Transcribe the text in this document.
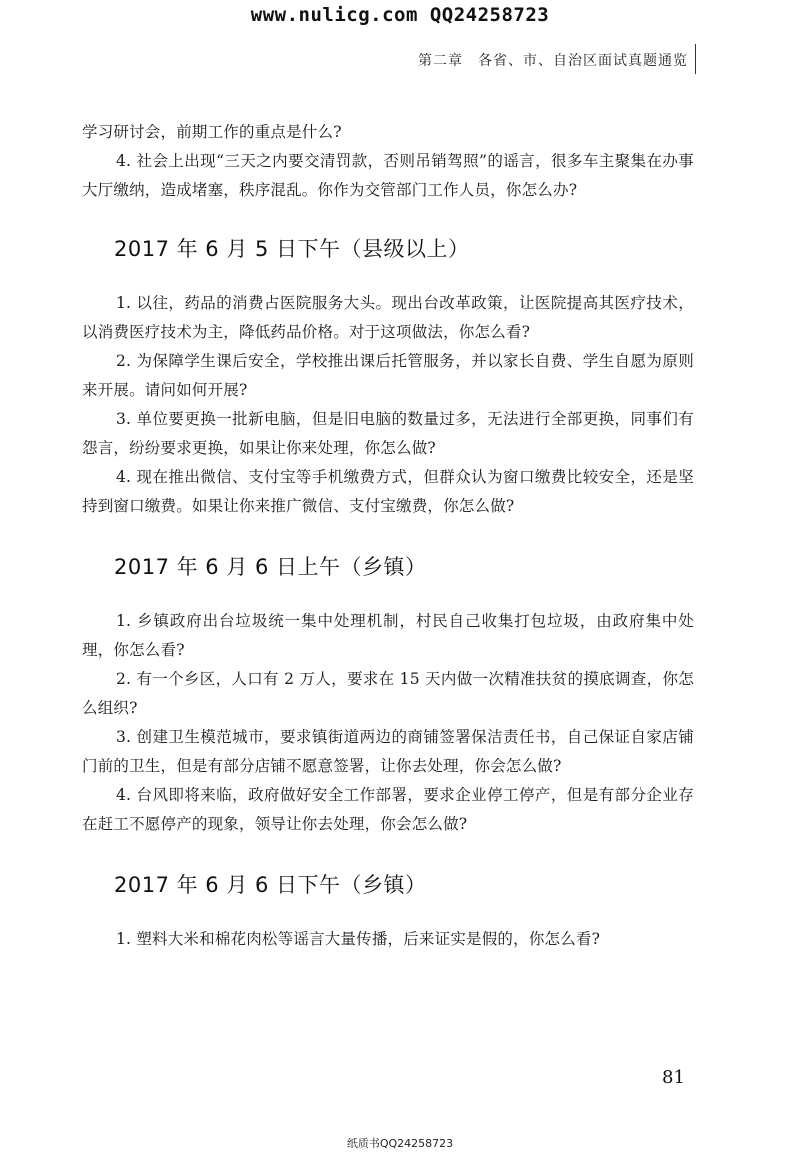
www.nulicg.com QQ24258723
第二章　各省、市、自治区面试真题通览

学习研讨会，前期工作的重点是什么?

4. 社会上出现“三天之内要交清罚款，否则吊销驾照”的谣言，很多车主聚集在办事大厅缴纳，造成堵塞，秩序混乱。你作为交管部门工作人员，你怎么办?

2017 年 6 月 5 日下午（县级以上）

1. 以往，药品的消费占医院服务大头。现出台改革政策，让医院提高其医疗技术，以消费医疗技术为主，降低药品价格。对于这项做法，你怎么看?

2. 为保障学生课后安全，学校推出课后托管服务，并以家长自费、学生自愿为原则来开展。请问如何开展?

3. 单位要更换一批新电脑，但是旧电脑的数量过多，无法进行全部更换，同事们有怨言，纷纷要求更换，如果让你来处理，你怎么做?

4. 现在推出微信、支付宝等手机缴费方式，但群众认为窗口缴费比较安全，还是坚持到窗口缴费。如果让你来推广微信、支付宝缴费，你怎么做?

2017 年 6 月 6 日上午（乡镇）

1. 乡镇政府出台垃圾统一集中处理机制，村民自己收集打包垃圾，由政府集中处理，你怎么看?

2. 有一个乡区，人口有 2 万人，要求在 15 天内做一次精准扶贫的摸底调查，你怎么组织?

3. 创建卫生模范城市，要求镇街道两边的商铺签署保洁责任书，自己保证自家店铺门前的卫生，但是有部分店铺不愿意签署，让你去处理，你会怎么做?

4. 台风即将来临，政府做好安全工作部署，要求企业停工停产，但是有部分企业存在赶工不愿停产的现象，领导让你去处理，你会怎么做?

2017 年 6 月 6 日下午（乡镇）

1. 塑料大米和棉花肉松等谣言大量传播，后来证实是假的，你怎么看?

81
纸质书QQ24258723
